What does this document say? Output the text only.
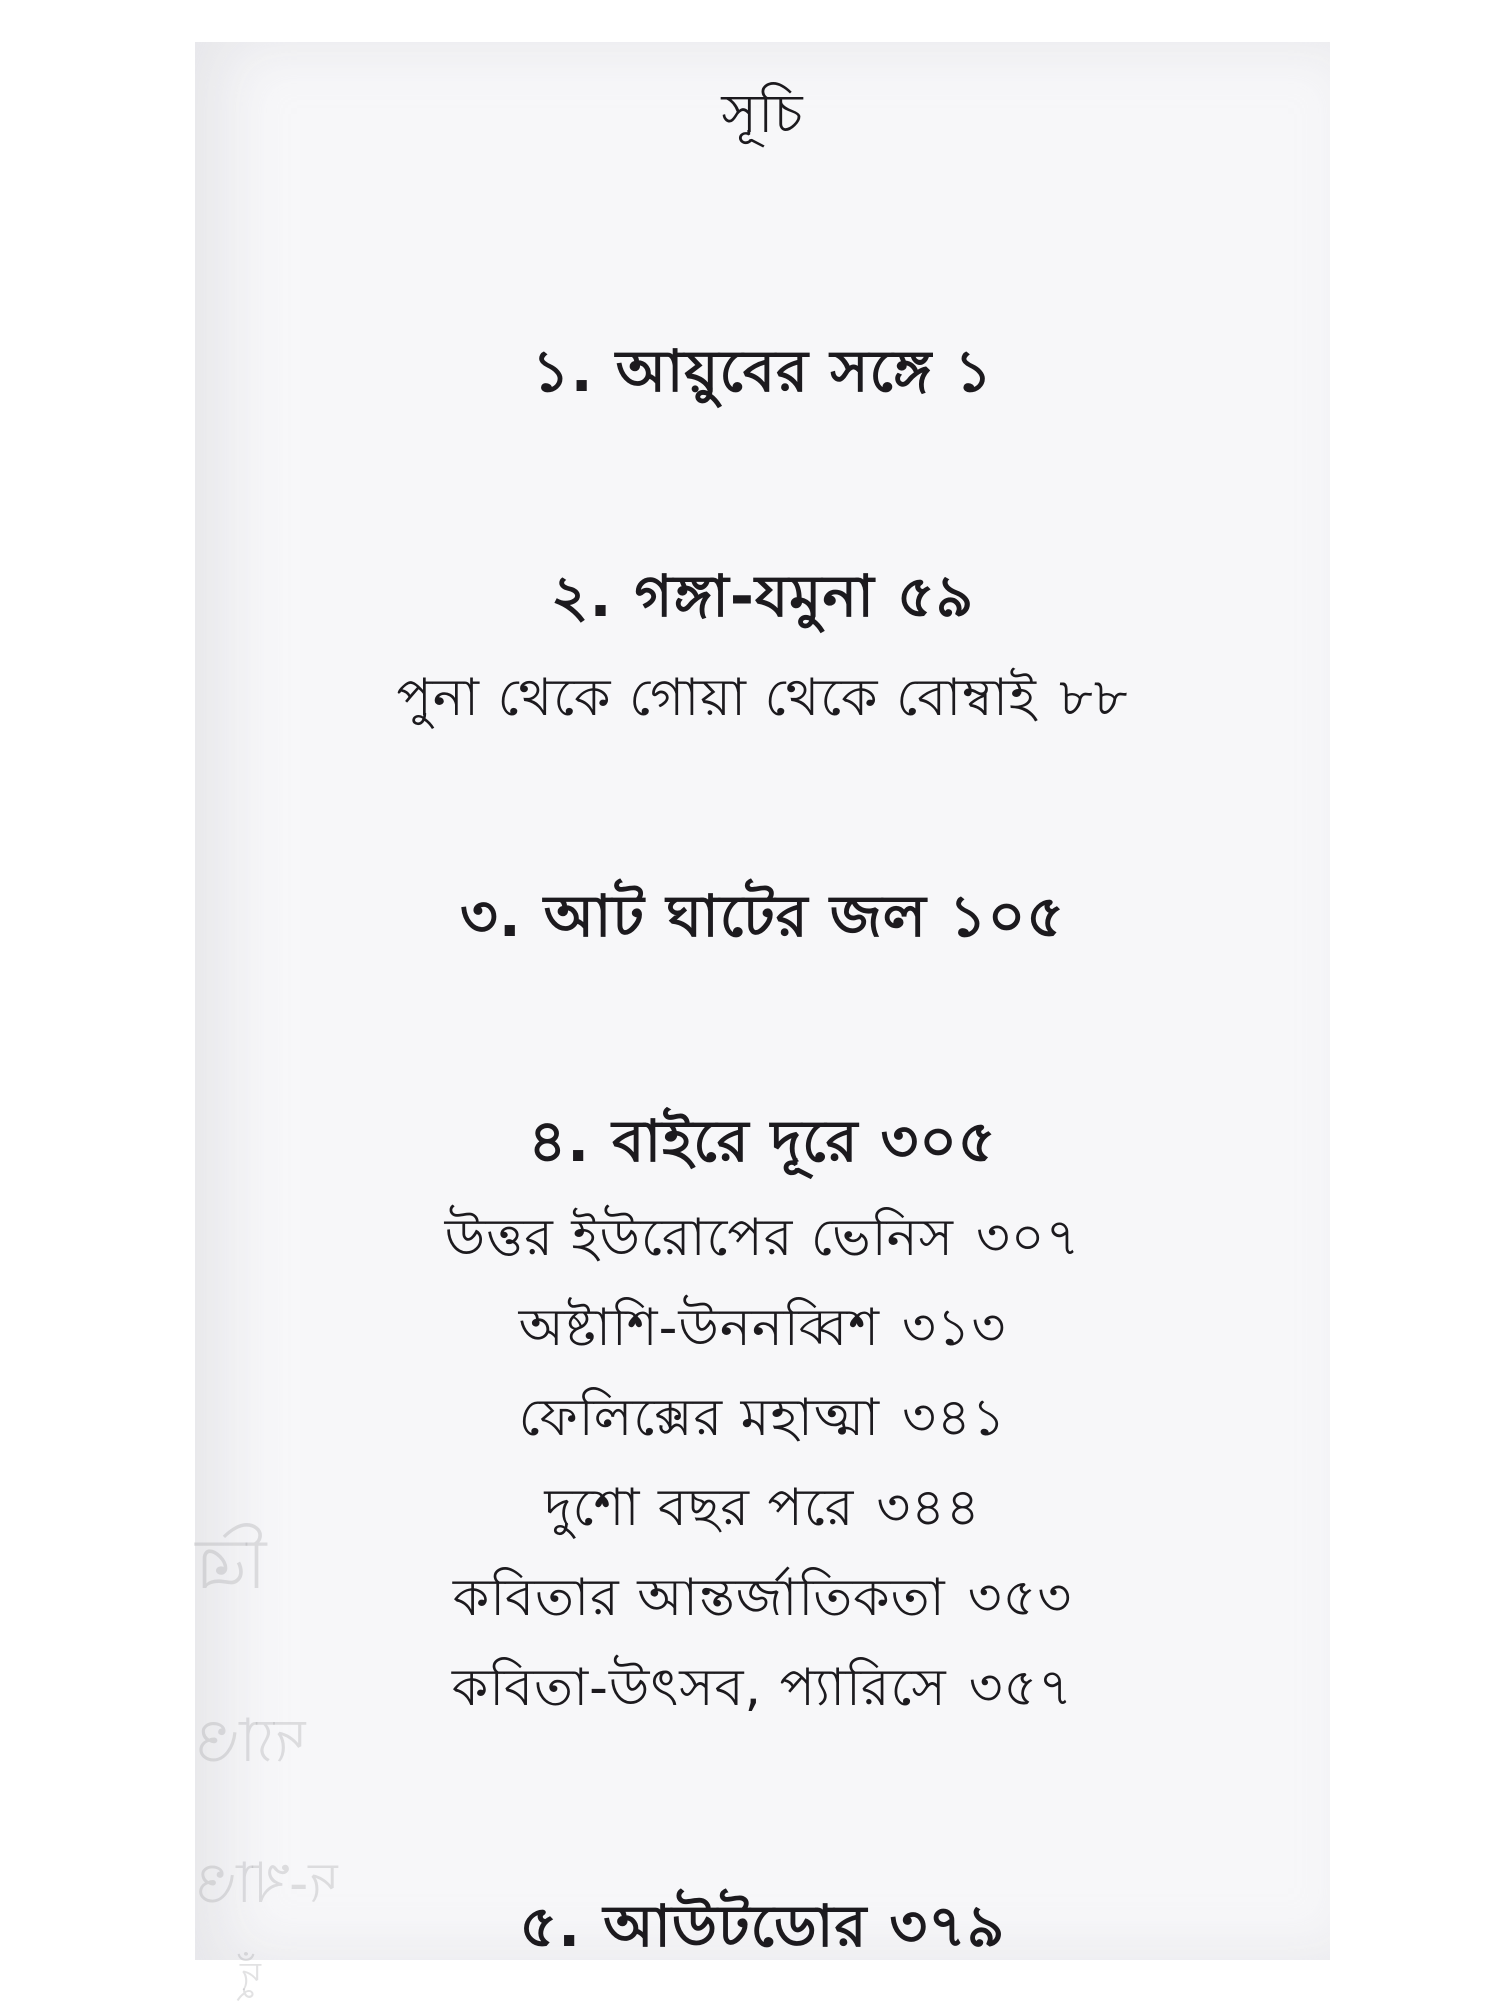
ত্রি
দ্যাও
দ-খাও
দুঁ
সূচি
১. আয়ুবের সঙ্গে ১
২. গঙ্গা-যমুনা ৫৯
পুনা থেকে গোয়া থেকে বোম্বাই ৮৮
৩. আট ঘাটের জল ১০৫
৪. বাইরে দূরে ৩০৫
উত্তর ইউরোপের ভেনিস ৩০৭
অষ্টাশি-উননব্বিশ ৩১৩
ফেলিক্সের মহাত্মা ৩৪১
দুশো বছর পরে ৩৪৪
কবিতার আন্তর্জাতিকতা ৩৫৩
কবিতা-উৎসব, প্যারিসে ৩৫৭
৫. আউটডোর ৩৭৯
